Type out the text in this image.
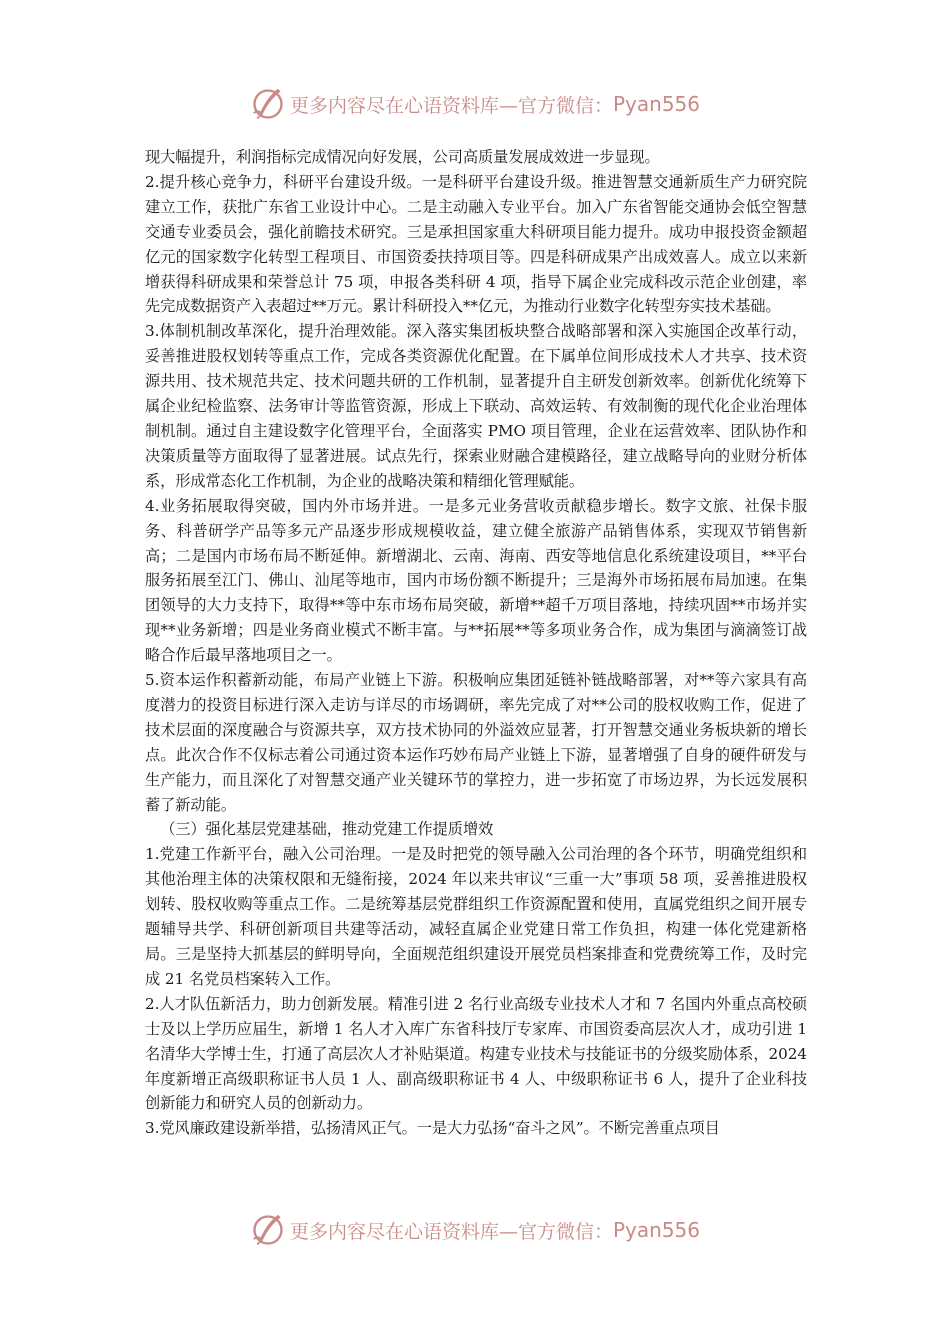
更多内容尽在心语资料库—官方微信： Pyan556

现大幅提升，利润指标完成情况向好发展，公司高质量发展成效进一步显现。

2.提升核心竞争力，科研平台建设升级。一是科研平台建设升级。推进智慧交通新质生产力研究院建立工作，获批广东省工业设计中心。二是主动融入专业平台。加入广东省智能交通协会低空智慧交通专业委员会，强化前瞻技术研究。三是承担国家重大科研项目能力提升。成功申报投资金额超亿元的国家数字化转型工程项目、市国资委扶持项目等。四是科研成果产出成效喜人。成立以来新增获得科研成果和荣誉总计 75 项，申报各类科研 4 项，指导下属企业完成科改示范企业创建，率先完成数据资产入表超过**万元。累计科研投入**亿元，为推动行业数字化转型夯实技术基础。

3.体制机制改革深化，提升治理效能。深入落实集团板块整合战略部署和深入实施国企改革行动，妥善推进股权划转等重点工作，完成各类资源优化配置。在下属单位间形成技术人才共享、技术资源共用、技术规范共定、技术问题共研的工作机制，显著提升自主研发创新效率。创新优化统筹下属企业纪检监察、法务审计等监管资源，形成上下联动、高效运转、有效制衡的现代化企业治理体制机制。通过自主建设数字化管理平台，全面落实 PMO 项目管理，企业在运营效率、团队协作和决策质量等方面取得了显著进展。试点先行，探索业财融合建模路径，建立战略导向的业财分析体系，形成常态化工作机制，为企业的战略决策和精细化管理赋能。

4.业务拓展取得突破，国内外市场并进。一是多元业务营收贡献稳步增长。数字文旅、社保卡服务、科普研学产品等多元产品逐步形成规模收益，建立健全旅游产品销售体系，实现双节销售新高；二是国内市场布局不断延伸。新增湖北、云南、海南、西安等地信息化系统建设项目，**平台服务拓展至江门、佛山、汕尾等地市，国内市场份额不断提升；三是海外市场拓展布局加速。在集团领导的大力支持下，取得**等中东市场布局突破，新增**超千万项目落地，持续巩固**市场并实现**业务新增；四是业务商业模式不断丰富。与**拓展**等多项业务合作，成为集团与滴滴签订战略合作后最早落地项目之一。

5.资本运作积蓄新动能，布局产业链上下游。积极响应集团延链补链战略部署，对**等六家具有高度潜力的投资目标进行深入走访与详尽的市场调研，率先完成了对**公司的股权收购工作，促进了技术层面的深度融合与资源共享，双方技术协同的外溢效应显著，打开智慧交通业务板块新的增长点。此次合作不仅标志着公司通过资本运作巧妙布局产业链上下游，显著增强了自身的硬件研发与生产能力，而且深化了对智慧交通产业关键环节的掌控力，进一步拓宽了市场边界，为长远发展积蓄了新动能。

（三）强化基层党建基础，推动党建工作提质增效

1.党建工作新平台，融入公司治理。一是及时把党的领导融入公司治理的各个环节，明确党组织和其他治理主体的决策权限和无缝衔接，2024 年以来共审议“三重一大”事项 58 项，妥善推进股权划转、股权收购等重点工作。二是统筹基层党群组织工作资源配置和使用，直属党组织之间开展专题辅导共学、科研创新项目共建等活动，减轻直属企业党建日常工作负担，构建一体化党建新格局。三是坚持大抓基层的鲜明导向，全面规范组织建设开展党员档案排查和党费统筹工作，及时完成 21 名党员档案转入工作。

2.人才队伍新活力，助力创新发展。精准引进 2 名行业高级专业技术人才和 7 名国内外重点高校硕士及以上学历应届生，新增 1 名人才入库广东省科技厅专家库、市国资委高层次人才，成功引进 1 名清华大学博士生，打通了高层次人才补贴渠道。构建专业技术与技能证书的分级奖励体系，2024 年度新增正高级职称证书人员 1 人、副高级职称证书 4 人、中级职称证书 6 人，提升了企业科技创新能力和研究人员的创新动力。

3.党风廉政建设新举措，弘扬清风正气。一是大力弘扬“奋斗之风”。不断完善重点项目

更多内容尽在心语资料库—官方微信： Pyan556
